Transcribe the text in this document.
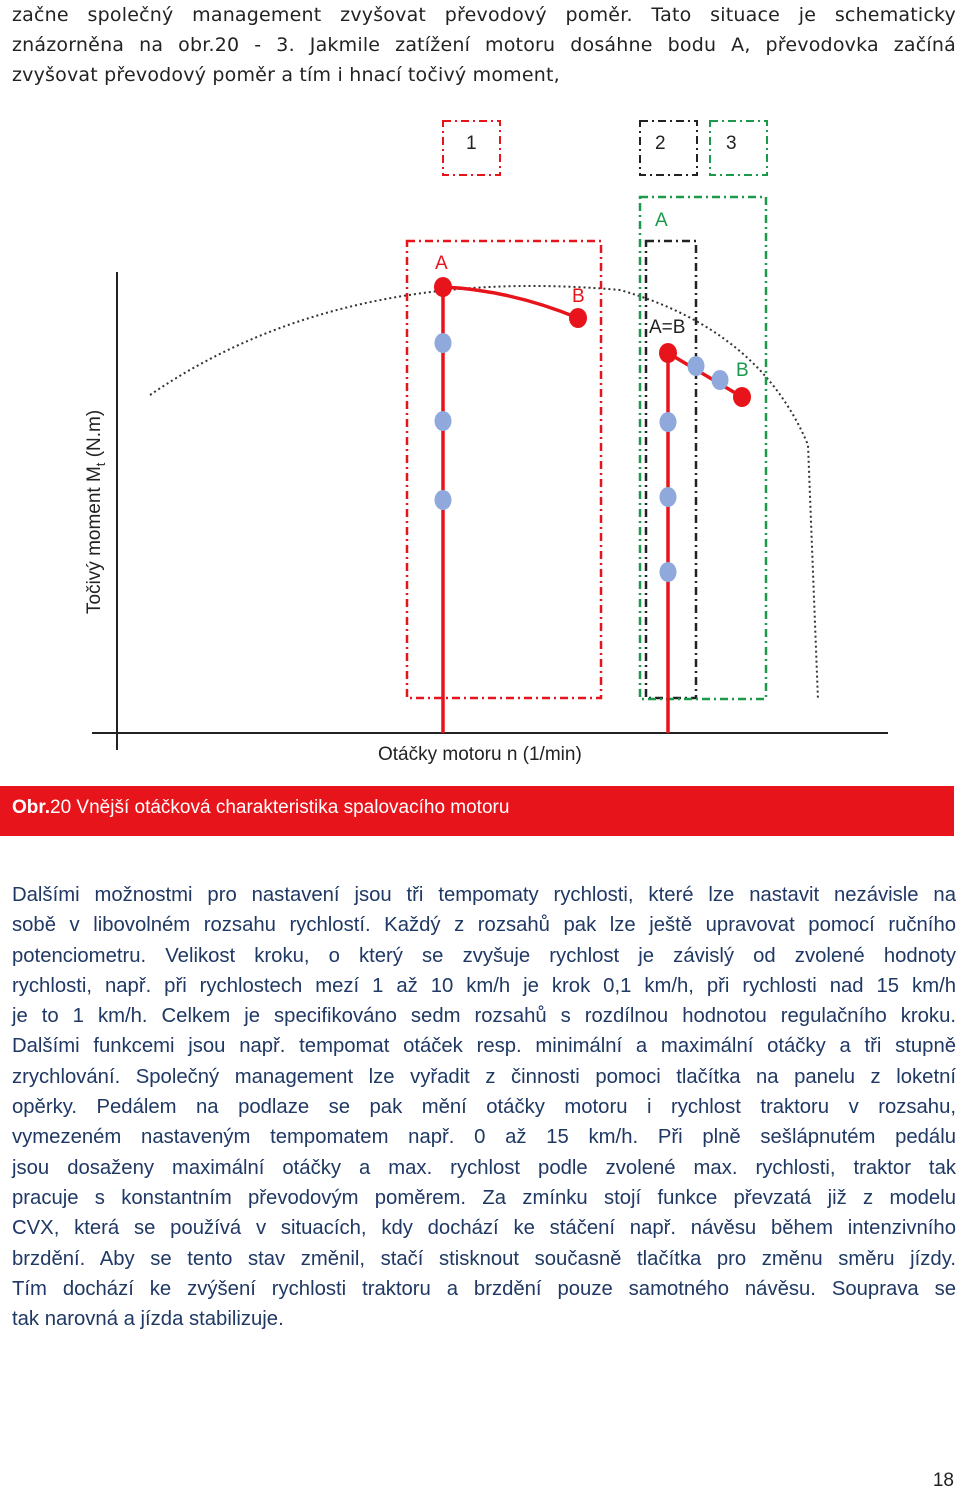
začne společný management zvyšovat převodový poměr. Tato situace je schematicky
znázorněna na obr.20 - 3. Jakmile zatížení motoru dosáhne bodu A, převodovka začíná
zvyšovat převodový poměr a tím i hnací točivý moment,
Točivý moment $M_t$ (N.m)
Otáčky motoru n (1/min)
1	2	3
A
B
A
A=B
B
Obr.20 Vnější otáčková charakteristika spalovacího motoru
Dalšími možnostmi pro nastavení jsou tři tempomaty rychlosti, které lze nastavit nezávisle na
sobě v libovolném rozsahu rychlostí. Každý z rozsahů pak lze ještě upravovat pomocí ručního
potenciometru. Velikost kroku, o který se zvyšuje rychlost je závislý od zvolené hodnoty
rychlosti, např. při rychlostech mezí 1 až 10 km/h je krok 0,1 km/h, při rychlosti nad 15 km/h
je to 1 km/h. Celkem je specifikováno sedm rozsahů s rozdílnou hodnotou regulačního kroku.
Dalšími funkcemi jsou např. tempomat otáček resp. minimální a maximální otáčky a tři stupně
zrychlování. Společný management lze vyřadit z činnosti pomoci tlačítka na panelu z loketní
opěrky. Pedálem na podlaze se pak mění otáčky motoru i rychlost traktoru v rozsahu,
vymezeném nastaveným tempomatem např. 0 až 15 km/h. Při plně sešlápnutém pedálu
jsou dosaženy maximální otáčky a max. rychlost podle zvolené max. rychlosti, traktor tak
pracuje s konstantním převodovým poměrem. Za zmínku stojí funkce převzatá již z modelu
CVX, která se používá v situacích, kdy dochází ke stáčení např. návěsu během intenzivního
brzdění. Aby se tento stav změnil, stačí stisknout současně tlačítka pro změnu směru jízdy.
Tím dochází ke zvýšení rychlosti traktoru a brzdění pouze samotného návěsu. Souprava se
tak narovná a jízda stabilizuje.
18
